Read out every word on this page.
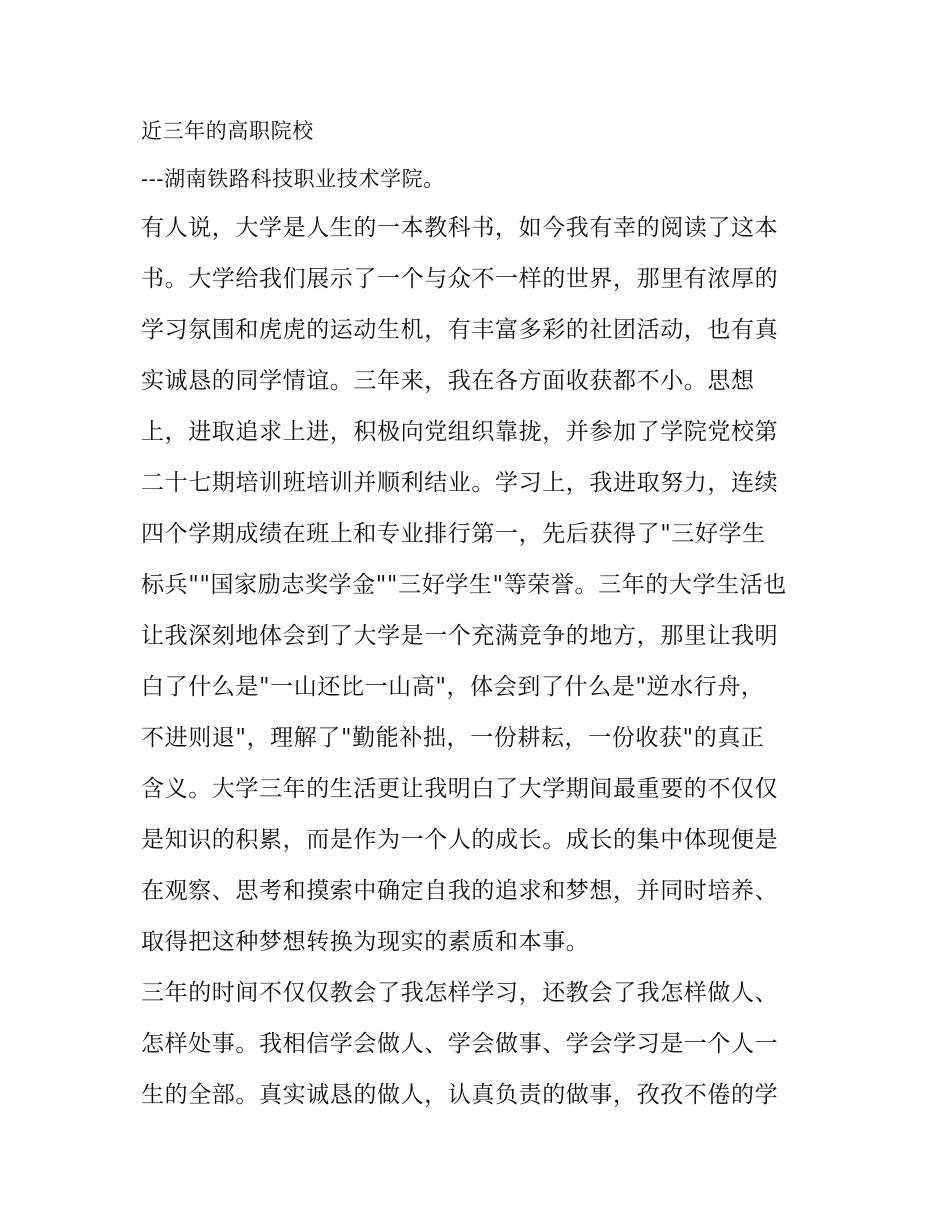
近三年的高职院校
---湖南铁路科技职业技术学院。
有人说，大学是人生的一本教科书，如今我有幸的阅读了这本
书。大学给我们展示了一个与众不一样的世界，那里有浓厚的
学习氛围和虎虎的运动生机，有丰富多彩的社团活动，也有真
实诚恳的同学情谊。三年来，我在各方面收获都不小。思想
上，进取追求上进，积极向党组织靠拢，并参加了学院党校第
二十七期培训班培训并顺利结业。学习上，我进取努力，连续
四个学期成绩在班上和专业排行第一，先后获得了"三好学生
标兵""国家励志奖学金""三好学生"等荣誉。三年的大学生活也
让我深刻地体会到了大学是一个充满竞争的地方，那里让我明
白了什么是"一山还比一山高"，体会到了什么是"逆水行舟，
不进则退"，理解了"勤能补拙，一份耕耘，一份收获"的真正
含义。大学三年的生活更让我明白了大学期间最重要的不仅仅
是知识的积累，而是作为一个人的成长。成长的集中体现便是
在观察、思考和摸索中确定自我的追求和梦想，并同时培养、
取得把这种梦想转换为现实的素质和本事。
三年的时间不仅仅教会了我怎样学习，还教会了我怎样做人、
怎样处事。我相信学会做人、学会做事、学会学习是一个人一
生的全部。真实诚恳的做人，认真负责的做事，孜孜不倦的学
